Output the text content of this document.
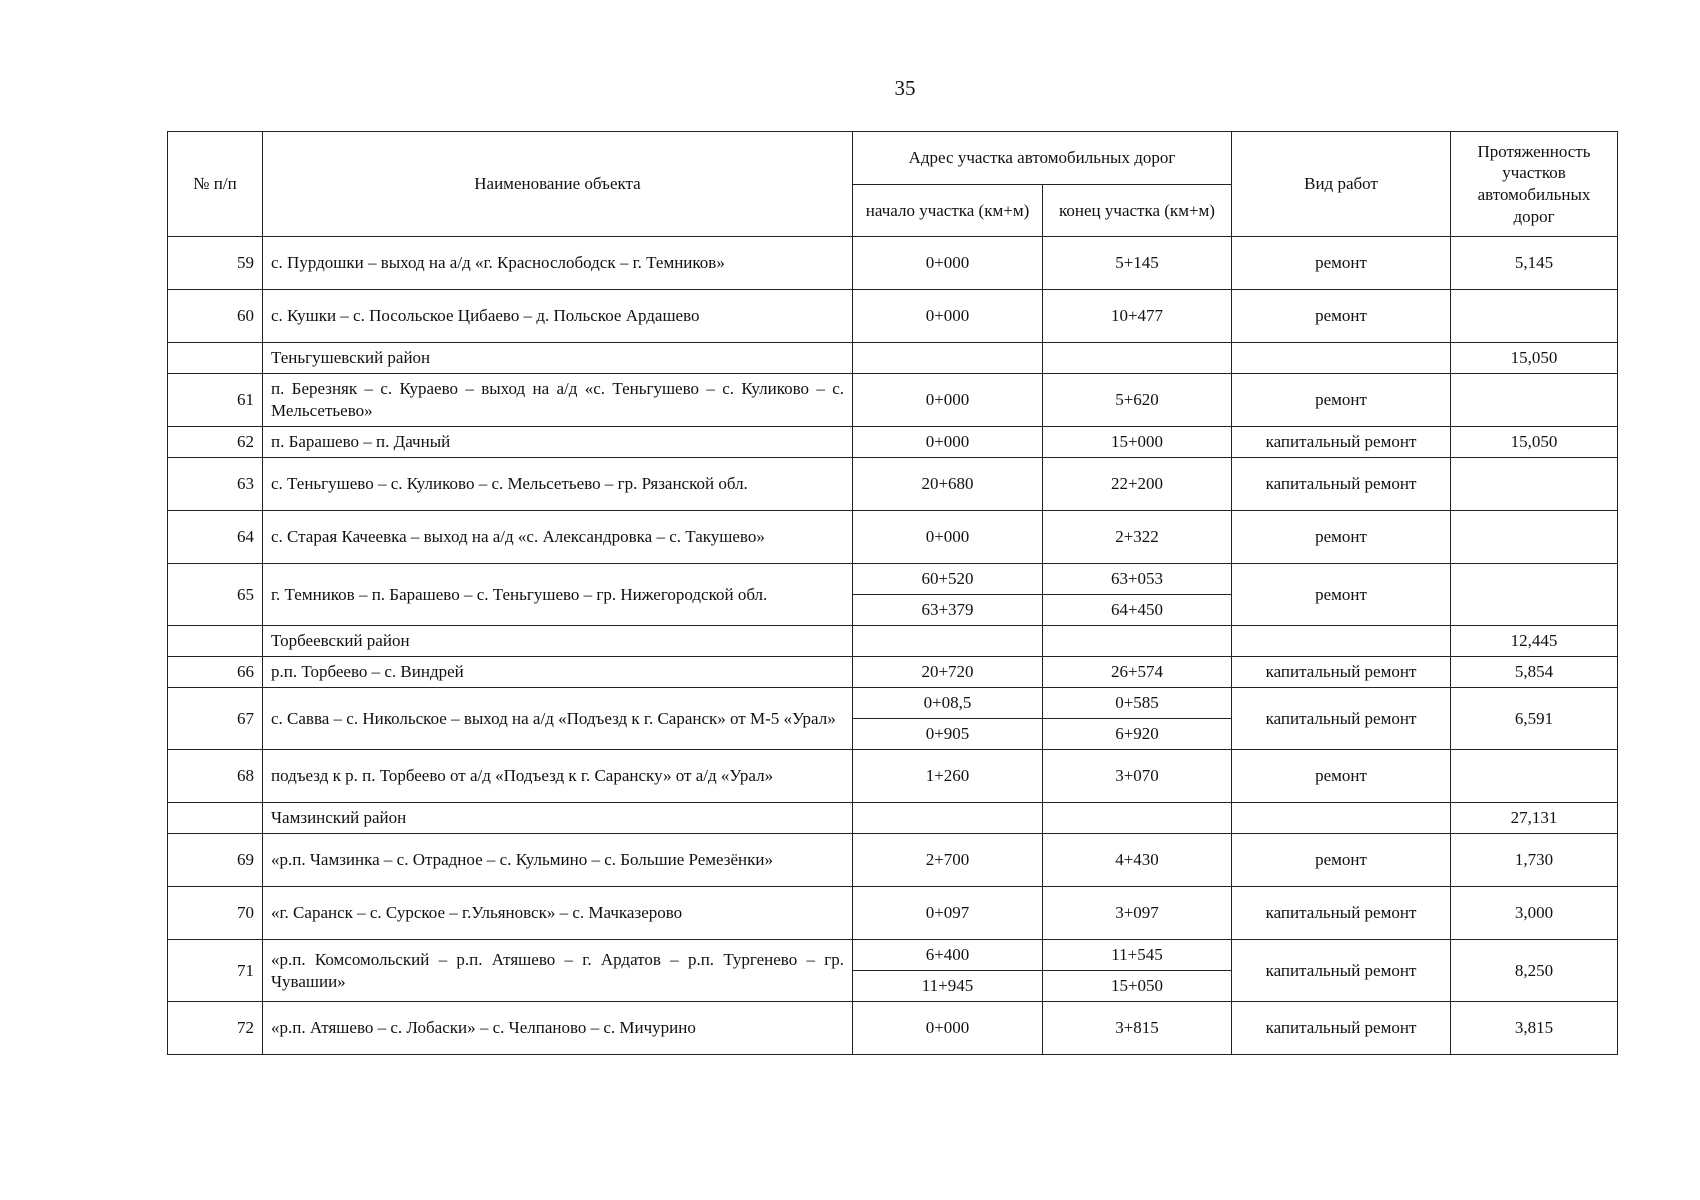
35
№ п/п	Наименование объекта	Адрес участка автомобильных дорог		Вид работ	Протяженность участков автомобильных дорог
		начало участка (км+м)	конец участка (км+м)		
59	с. Пурдошки – выход на а/д «г. Краснослободск – г. Темников»	0+000	5+145	ремонт	5,145
60	с. Кушки – с. Посольское Цибаево – д. Польское Ардашево	0+000	10+477	ремонт	
	Теньгушевский район				15,050
61	п. Березняк – с. Кураево – выход на а/д «с. Теньгушево – с. Куликово – с. Мельсетьево»	0+000	5+620	ремонт	
62	п. Барашево – п. Дачный	0+000	15+000	капитальный ремонт	15,050
63	с. Теньгушево – с. Куликово – с. Мельсетьево – гр. Рязанской обл.	20+680	22+200	капитальный ремонт	
64	с. Старая Качеевка – выход на а/д «с. Александровка – с. Такушево»	0+000	2+322	ремонт	
65	г. Темников – п. Барашево – с. Теньгушево – гр. Нижегородской обл.	60+520	63+053	ремонт	
		63+379	64+450		
	Торбеевский район				12,445
66	р.п. Торбеево – с. Виндрей	20+720	26+574	капитальный ремонт	5,854
67	с. Савва – с. Никольское – выход на а/д «Подъезд к г. Саранск» от М-5 «Урал»	0+08,5	0+585	капитальный ремонт	6,591
		0+905	6+920		
68	подъезд к р. п. Торбеево от а/д «Подъезд к г. Саранску» от а/д «Урал»	1+260	3+070	ремонт	
	Чамзинский район				27,131
69	«р.п. Чамзинка – с. Отрадное – с. Кульмино – с. Большие Ремезёнки»	2+700	4+430	ремонт	1,730
70	«г. Саранск – с. Сурское – г.Ульяновск» – с. Мачказерово	0+097	3+097	капитальный ремонт	3,000
71	«р.п. Комсомольский – р.п. Атяшево – г. Ардатов – р.п. Тургенево – гр. Чувашии»	6+400	11+545	капитальный ремонт	8,250
		11+945	15+050		
72	«р.п. Атяшево – с. Лобаски» – с. Челпаново – с. Мичурино	0+000	3+815	капитальный ремонт	3,815
